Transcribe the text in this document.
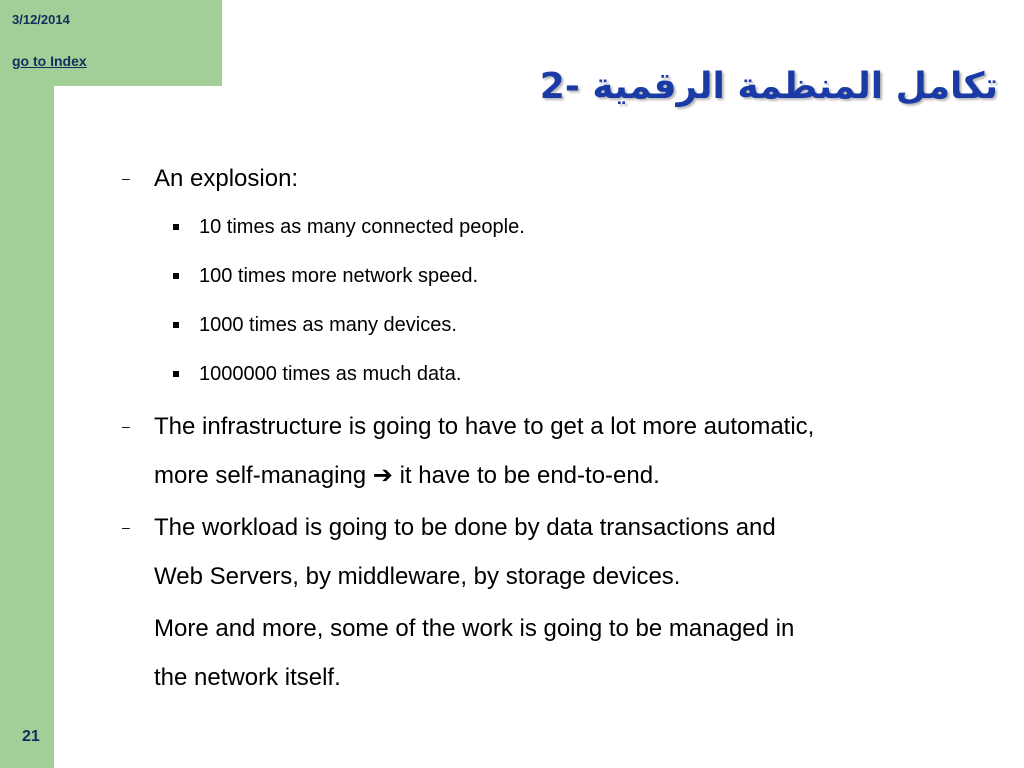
3/12/2014
go to Index
تكامل المنظمة الرقمية -2
– An explosion:
10 times as many connected people.
100 times more network speed.
1000 times as many devices.
1000000 times as much data.
– The infrastructure is going to have to get a lot more automatic,
more self-managing ➔ it have to be end-to-end.
– The workload is going to be done by data transactions and
Web Servers, by middleware, by storage devices.
More and more, some of the work is going to be managed in
the network itself.
21
